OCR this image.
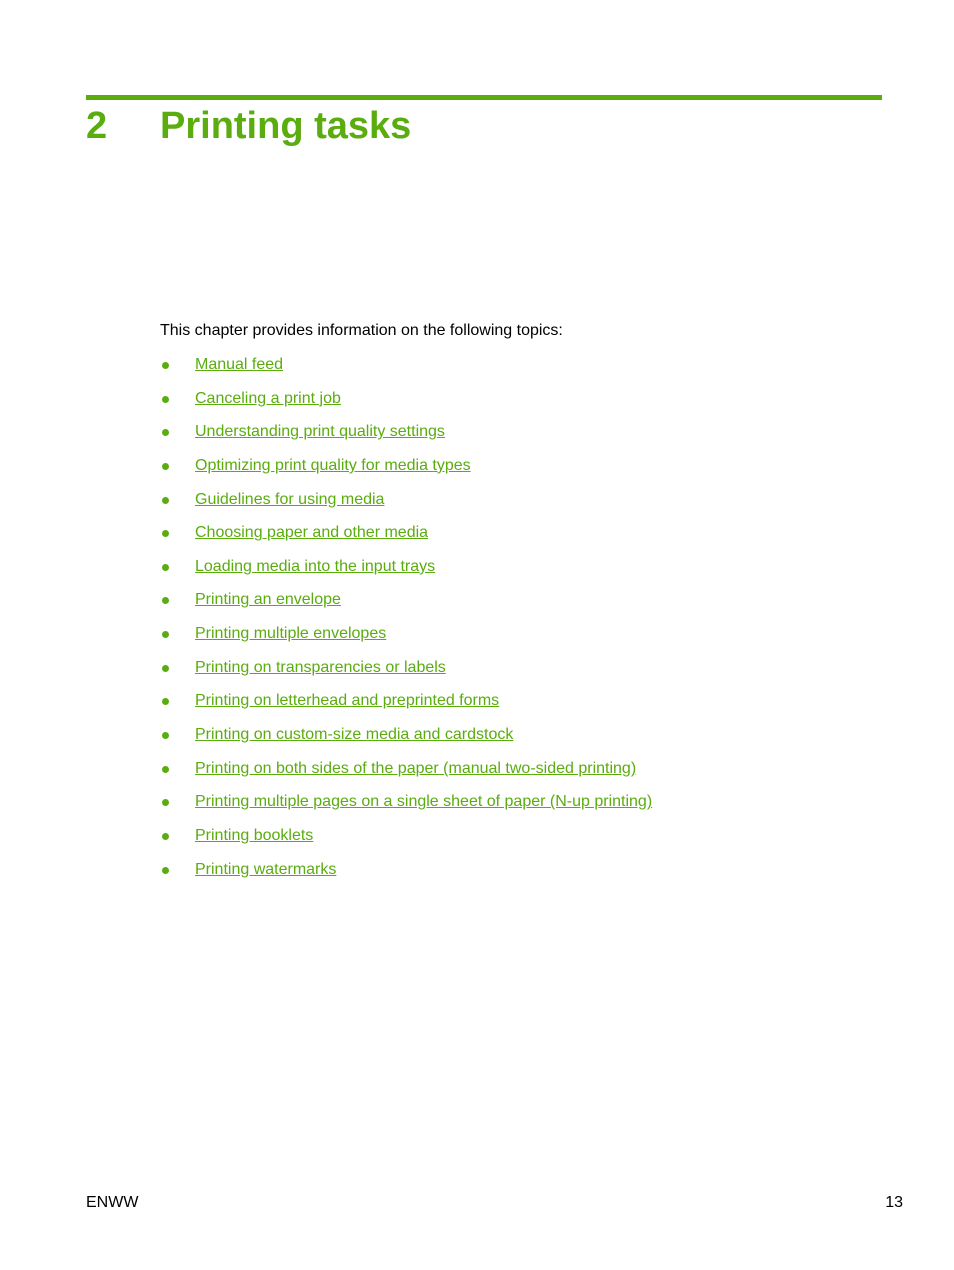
2 Printing tasks
This chapter provides information on the following topics:
Manual feed
Canceling a print job
Understanding print quality settings
Optimizing print quality for media types
Guidelines for using media
Choosing paper and other media
Loading media into the input trays
Printing an envelope
Printing multiple envelopes
Printing on transparencies or labels
Printing on letterhead and preprinted forms
Printing on custom-size media and cardstock
Printing on both sides of the paper (manual two-sided printing)
Printing multiple pages on a single sheet of paper (N-up printing)
Printing booklets
Printing watermarks
ENWW	13
